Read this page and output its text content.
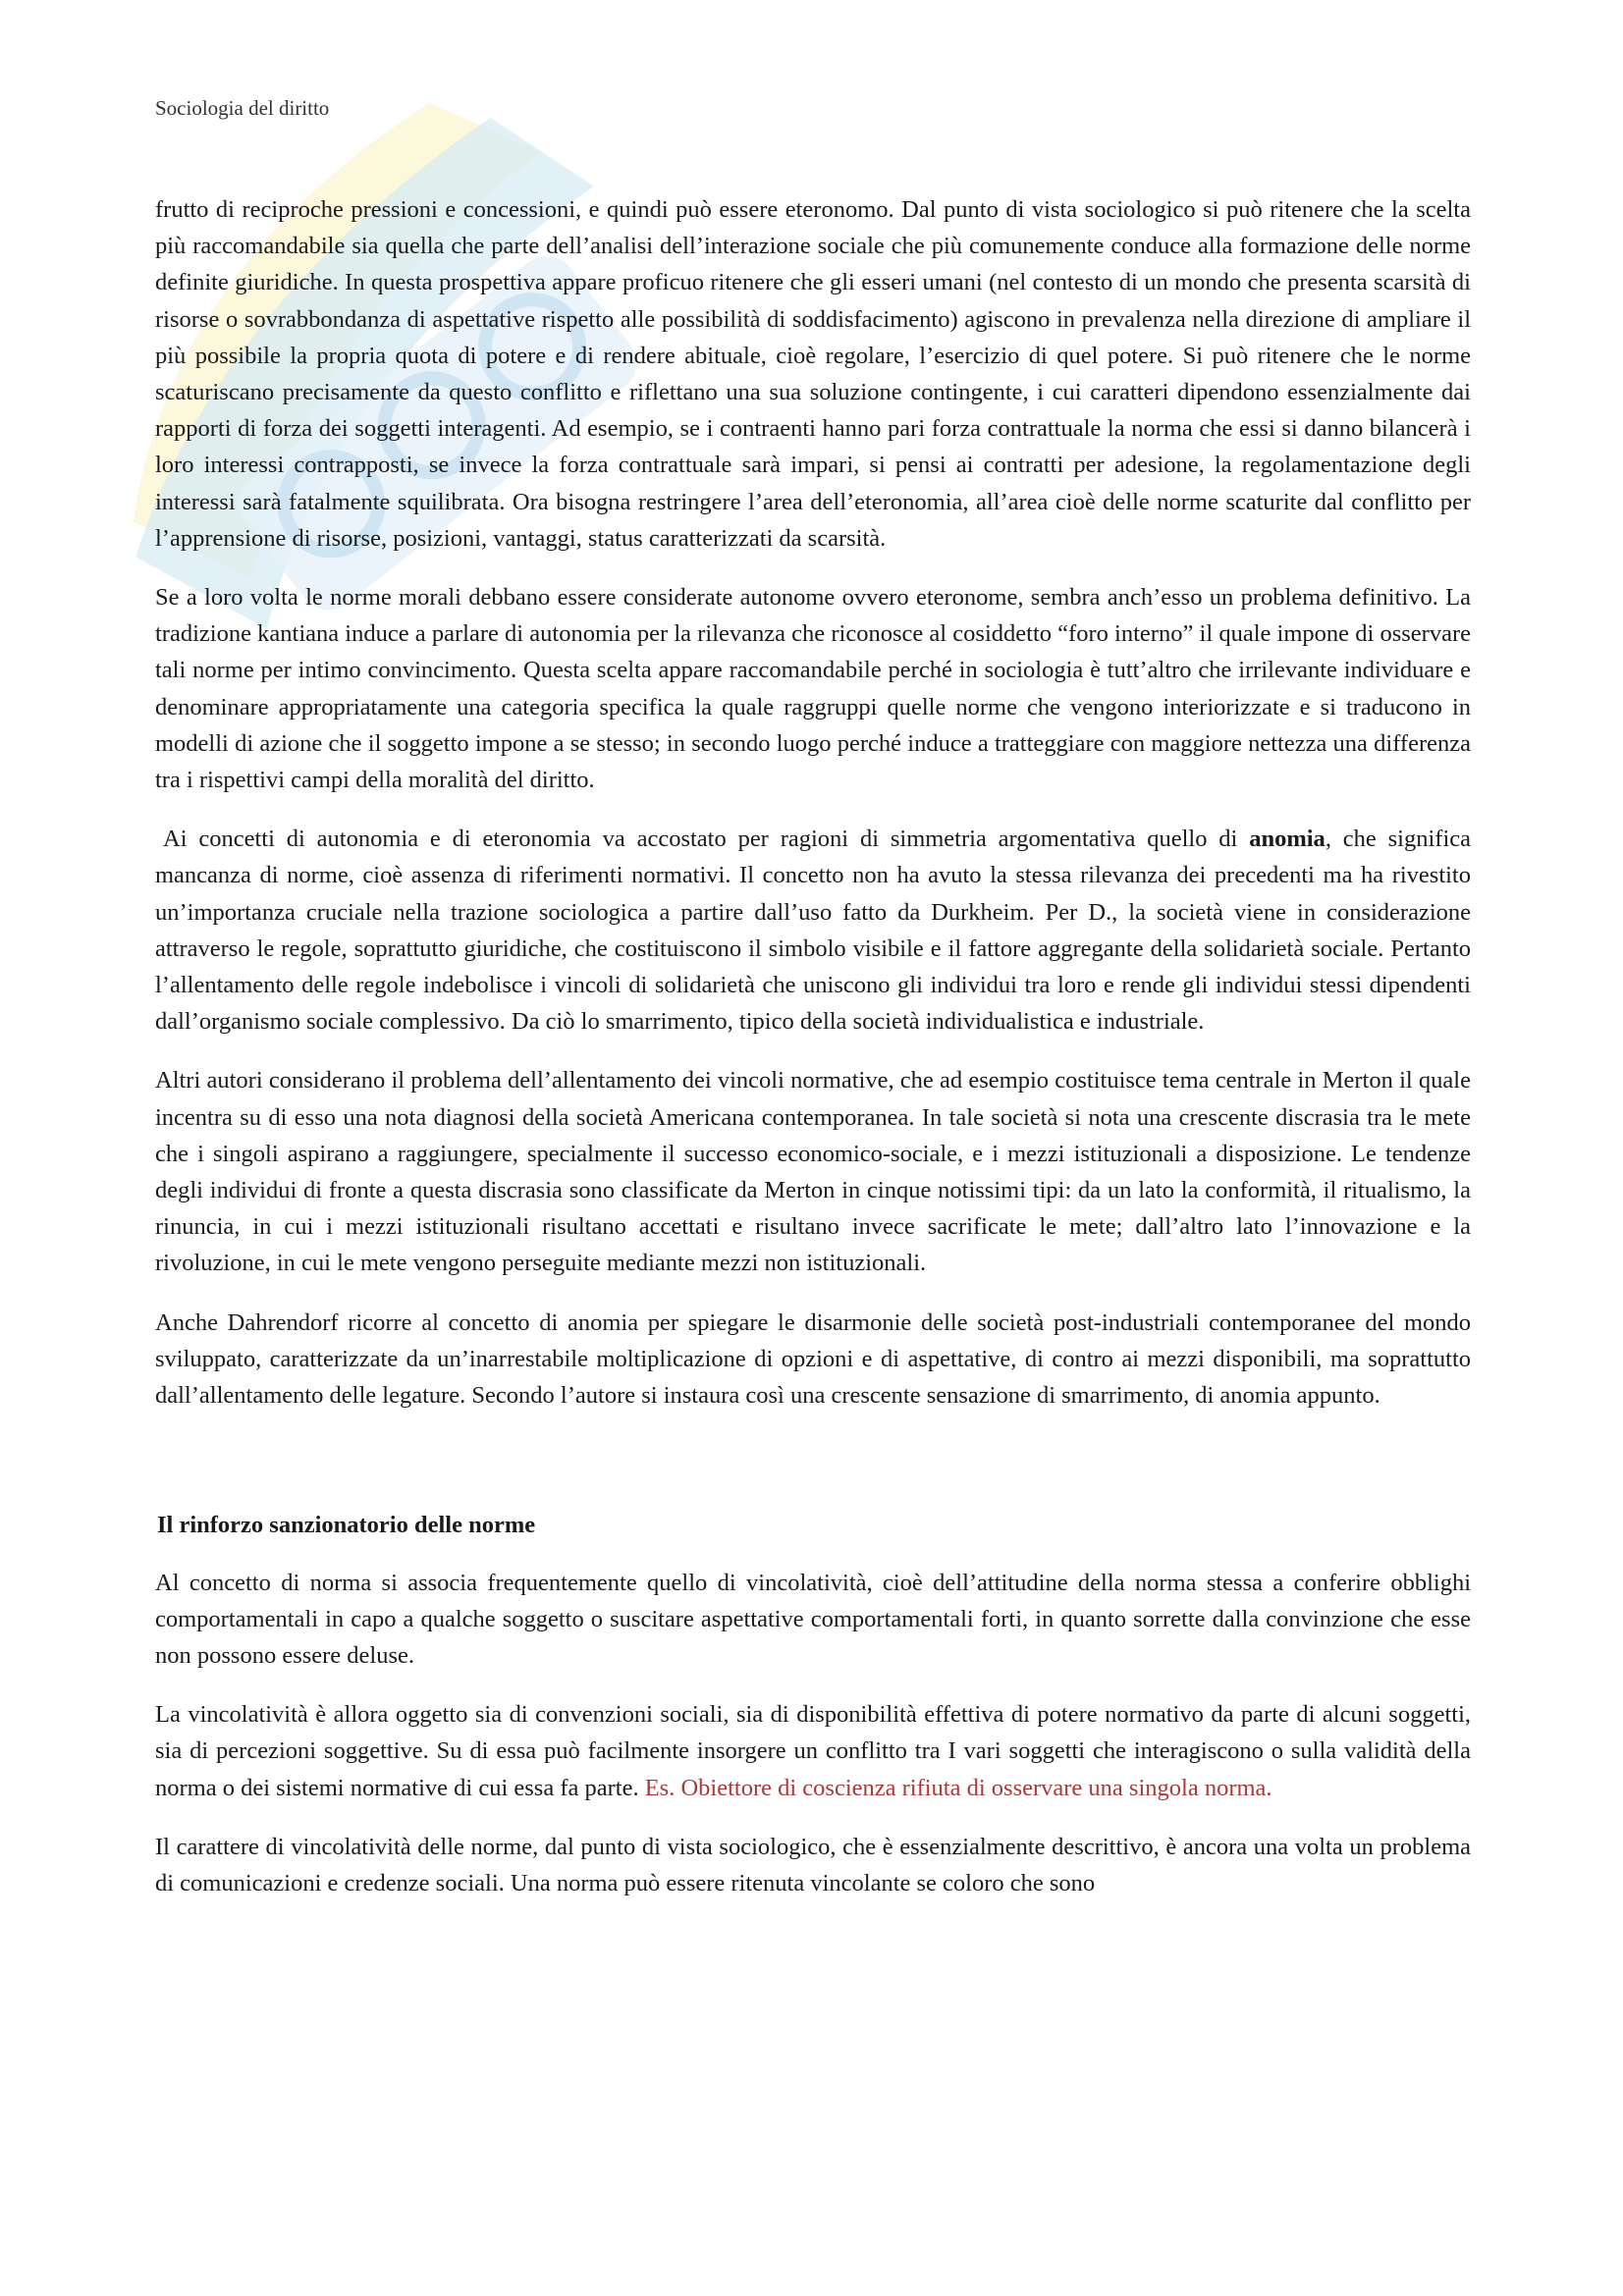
Sociologia del diritto

frutto di reciproche pressioni e concessioni, e quindi può essere eteronomo. Dal punto di vista sociologico si può ritenere che la scelta più raccomandabile sia quella che parte dell’analisi dell’interazione sociale che più comunemente conduce alla formazione delle norme definite giuridiche. In questa prospettiva appare proficuo ritenere che gli esseri umani (nel contesto di un mondo che presenta scarsità di risorse o sovrabbondanza di aspettative rispetto alle possibilità di soddisfacimento) agiscono in prevalenza nella direzione di ampliare il più possibile la propria quota di potere e di rendere abituale, cioè regolare, l’esercizio di quel potere. Si può ritenere che le norme scaturiscano precisamente da questo conflitto e riflettano una sua soluzione contingente, i cui caratteri dipendono essenzialmente dai rapporti di forza dei soggetti interagenti. Ad esempio, se i contraenti hanno pari forza contrattuale la norma che essi si danno bilancerà i loro interessi contrapposti, se invece la forza contrattuale sarà impari, si pensi ai contratti per adesione, la regolamentazione degli interessi sarà fatalmente squilibrata. Ora bisogna restringere l’area dell’eteronomia, all’area cioè delle norme scaturite dal conflitto per l’apprensione di risorse, posizioni, vantaggi, status caratterizzati da scarsità.

Se a loro volta le norme morali debbano essere considerate autonome ovvero eteronome, sembra anch’esso un problema definitivo. La tradizione kantiana induce a parlare di autonomia per la rilevanza che riconosce al cosiddetto “foro interno” il quale impone di osservare tali norme per intimo convincimento. Questa scelta appare raccomandabile perché in sociologia è tutt’altro che irrilevante individuare e denominare appropriatamente una categoria specifica la quale raggruppi quelle norme che vengono interiorizzate e si traducono in modelli di azione che il soggetto impone a se stesso; in secondo luogo perché induce a tratteggiare con maggiore nettezza una differenza tra i rispettivi campi della moralità del diritto.

Ai concetti di autonomia e di eteronomia va accostato per ragioni di simmetria argomentativa quello di anomia, che significa mancanza di norme, cioè assenza di riferimenti normativi. Il concetto non ha avuto la stessa rilevanza dei precedenti ma ha rivestito un’importanza cruciale nella trazione sociologica a partire dall’uso fatto da Durkheim. Per D., la società viene in considerazione attraverso le regole, soprattutto giuridiche, che costituiscono il simbolo visibile e il fattore aggregante della solidarietà sociale. Pertanto l’allentamento delle regole indebolisce i vincoli di solidarietà che uniscono gli individui tra loro e rende gli individui stessi dipendenti dall’organismo sociale complessivo. Da ciò lo smarrimento, tipico della società individualistica e industriale.

Altri autori considerano il problema dell’allentamento dei vincoli normative, che ad esempio costituisce tema centrale in Merton il quale incentra su di esso una nota diagnosi della società Americana contemporanea. In tale società si nota una crescente discrasia tra le mete che i singoli aspirano a raggiungere, specialmente il successo economico-sociale, e i mezzi istituzionali a disposizione. Le tendenze degli individui di fronte a questa discrasia sono classificate da Merton in cinque notissimi tipi: da un lato la conformità, il ritualismo, la rinuncia, in cui i mezzi istituzionali risultano accettati e risultano invece sacrificate le mete; dall’altro lato l’innovazione e la rivoluzione, in cui le mete vengono perseguite mediante mezzi non istituzionali.

Anche Dahrendorf ricorre al concetto di anomia per spiegare le disarmonie delle società post-industriali contemporanee del mondo sviluppato, caratterizzate da un’inarrestabile moltiplicazione di opzioni e di aspettative, di contro ai mezzi disponibili, ma soprattutto dall’allentamento delle legature. Secondo l’autore si instaura così una crescente sensazione di smarrimento, di anomia appunto.

Il rinforzo sanzionatorio delle norme

Al concetto di norma si associa frequentemente quello di vincolatività, cioè dell’attitudine della norma stessa a conferire obblighi comportamentali in capo a qualche soggetto o suscitare aspettative comportamentali forti, in quanto sorrette dalla convinzione che esse non possono essere deluse.

La vincolatività è allora oggetto sia di convenzioni sociali, sia di disponibilità effettiva di potere normativo da parte di alcuni soggetti, sia di percezioni soggettive. Su di essa può facilmente insorgere un conflitto tra I vari soggetti che interagiscono o sulla validità della norma o dei sistemi normative di cui essa fa parte. Es. Obiettore di coscienza rifiuta di osservare una singola norma.

Il carattere di vincolatività delle norme, dal punto di vista sociologico, che è essenzialmente descrittivo, è ancora una volta un problema di comunicazioni e credenze sociali. Una norma può essere ritenuta vincolante se coloro che sono
